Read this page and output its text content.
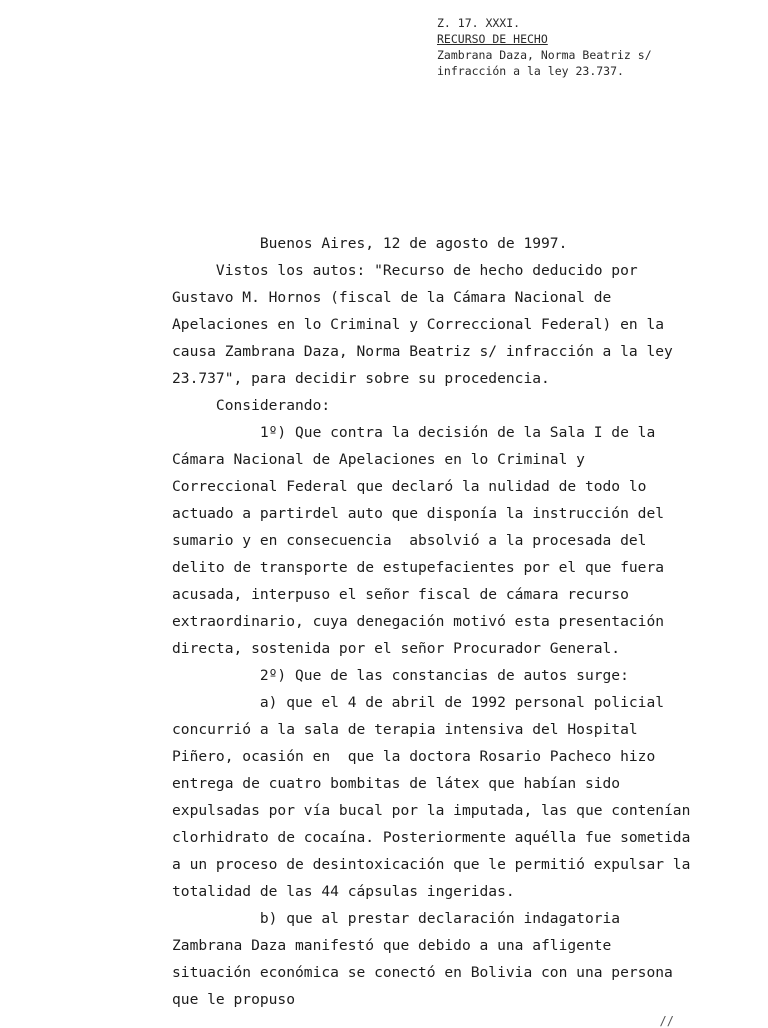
Z. 17. XXXI.
RECURSO DE HECHO
Zambrana Daza, Norma Beatriz s/
infracción a la ley 23.737.
Buenos Aires, 12 de agosto de 1997.
Vistos los autos: "Recurso de hecho deducido por
Gustavo M. Hornos (fiscal de la Cámara Nacional de
Apelaciones en lo Criminal y Correccional Federal) en la
causa Zambrana Daza, Norma Beatriz s/ infracción a la ley
23.737", para decidir sobre su procedencia.
Considerando:
1º) Que contra la decisión de la Sala I de la
Cámara Nacional de Apelaciones en lo Criminal y
Correccional Federal que declaró la nulidad de todo lo
actuado a partirdel auto que disponía la instrucción del
sumario y en consecuencia  absolvió a la procesada del
delito de transporte de estupefacientes por el que fuera
acusada, interpuso el señor fiscal de cámara recurso
extraordinario, cuya denegación motivó esta presentación
directa, sostenida por el señor Procurador General.
2º) Que de las constancias de autos surge:
a) que el 4 de abril de 1992 personal policial
concurrió a la sala de terapia intensiva del Hospital
Piñero, ocasión en  que la doctora Rosario Pacheco hizo
entrega de cuatro bombitas de látex que habían sido
expulsadas por vía bucal por la imputada, las que contenían
clorhidrato de cocaína. Posteriormente aquélla fue sometida
a un proceso de desintoxicación que le permitió expulsar la
totalidad de las 44 cápsulas ingeridas.
b) que al prestar declaración indagatoria
Zambrana Daza manifestó que debido a una afligente
situación económica se conectó en Bolivia con una persona
que le propuso
//
